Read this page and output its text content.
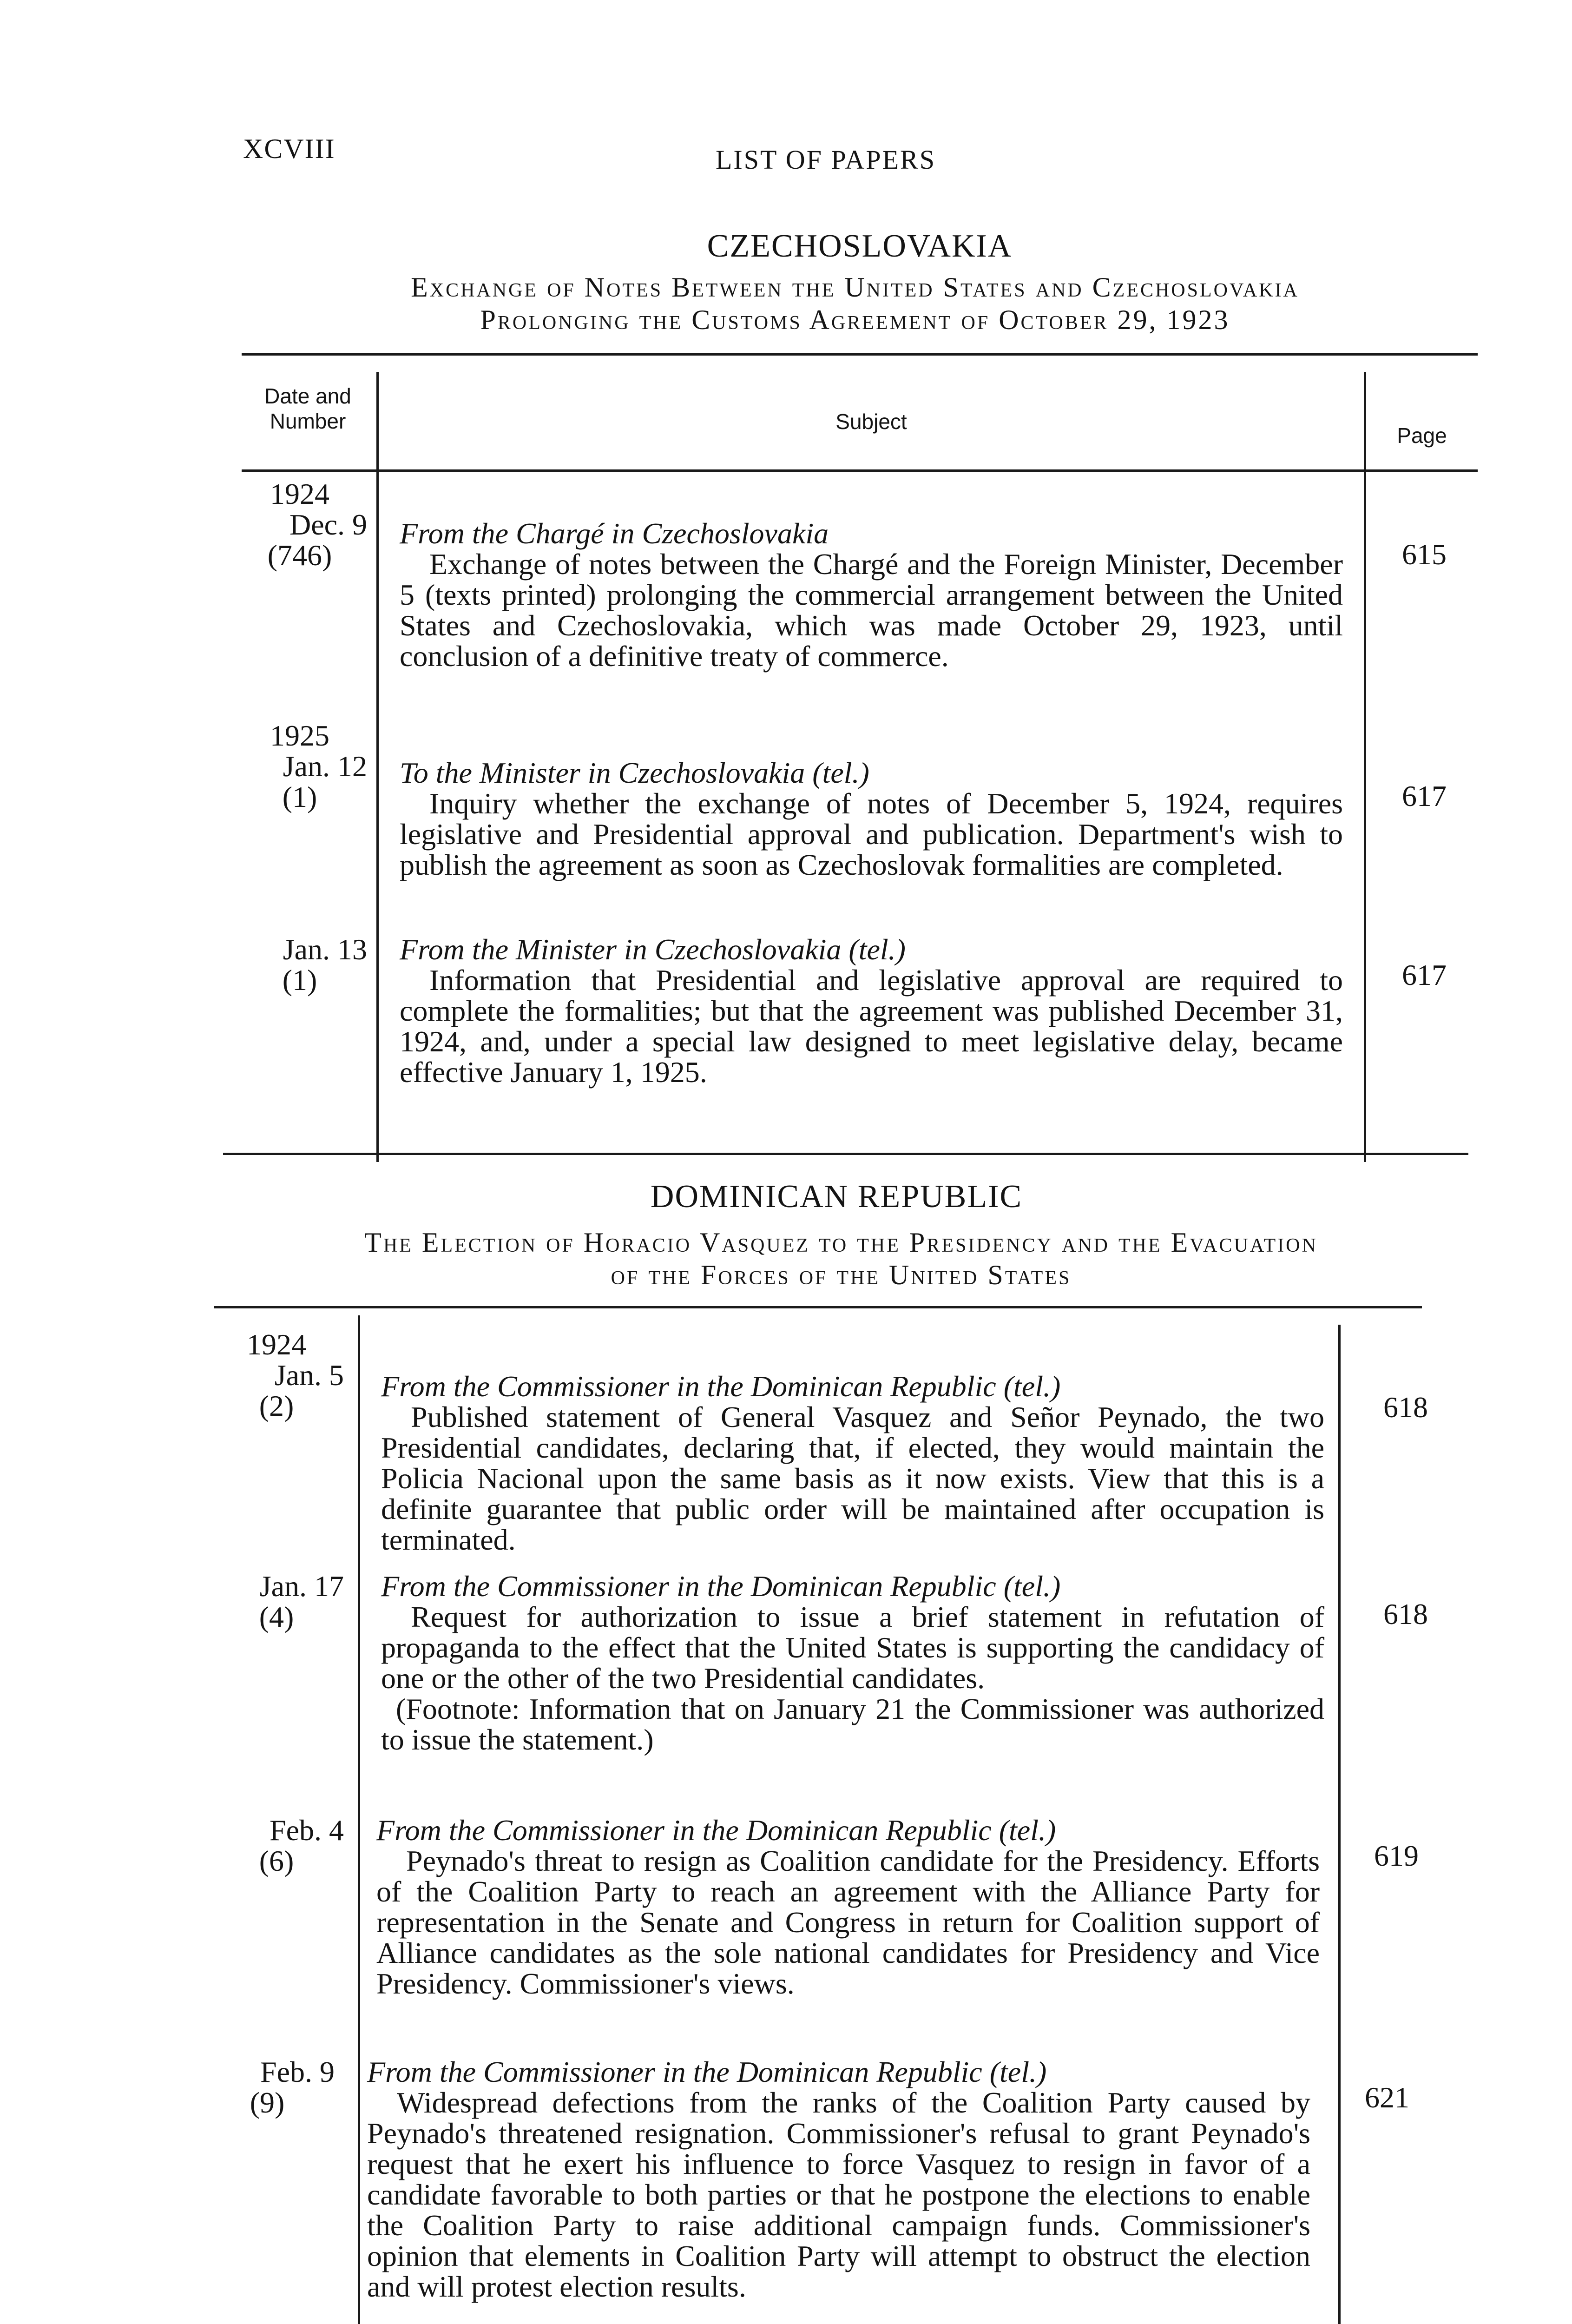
XCVIII	LIST OF PAPERS
CZECHOSLOVAKIA
Exchange of Notes Between the United States and Czechoslovakia
Prolonging the Customs Agreement of October 29, 1923
Date and Number	Subject
Page
1924
Dec. 9
(746)
From the Chargé in Czechoslovakia
Exchange of notes between the Chargé and the Foreign Minister, December 5 (texts printed) prolonging the commercial arrangement between the United States and Czechoslovakia, which was made October 29, 1923, until conclusion of a definitive treaty of commerce.
615
1925
Jan. 12
(1)
To the Minister in Czechoslovakia (tel.)
Inquiry whether the exchange of notes of December 5, 1924, requires legislative and Presidential approval and publication. Department's wish to publish the agreement as soon as Czechoslovak formalities are completed.
617
Jan. 13
(1)
From the Minister in Czechoslovakia (tel.)
Information that Presidential and legislative approval are required to complete the formalities; but that the agreement was published December 31, 1924, and, under a special law designed to meet legislative delay, became effective January 1, 1925.
617
DOMINICAN REPUBLIC
The Election of Horacio Vasquez to the Presidency and the Evacuation
of the Forces of the United States
1924
Jan. 5
(2)
From the Commissioner in the Dominican Republic (tel.)
Published statement of General Vasquez and Señor Peynado, the two Presidential candidates, declaring that, if elected, they would maintain the Policia Nacional upon the same basis as it now exists. View that this is a definite guarantee that public order will be maintained after occupation is terminated.
618
Jan. 17
(4)
From the Commissioner in the Dominican Republic (tel.)
Request for authorization to issue a brief statement in refutation of propaganda to the effect that the United States is supporting the candidacy of one or the other of the two Presidential candidates.
(Footnote: Information that on January 21 the Commissioner was authorized to issue the statement.)
618
Feb. 4
(6)
From the Commissioner in the Dominican Republic (tel.)
Peynado's threat to resign as Coalition candidate for the Presidency. Efforts of the Coalition Party to reach an agreement with the Alliance Party for representation in the Senate and Congress in return for Coalition support of Alliance candidates as the sole national candidates for Presidency and Vice Presidency. Commissioner's views.
619
Feb. 9
(9)
From the Commissioner in the Dominican Republic (tel.)
Widespread defections from the ranks of the Coalition Party caused by Peynado's threatened resignation. Commissioner's refusal to grant Peynado's request that he exert his influence to force Vasquez to resign in favor of a candidate favorable to both parties or that he postpone the elections to enable the Coalition Party to raise additional campaign funds. Commissioner's opinion that elements in Coalition Party will attempt to obstruct the election and will protest election results.
621
